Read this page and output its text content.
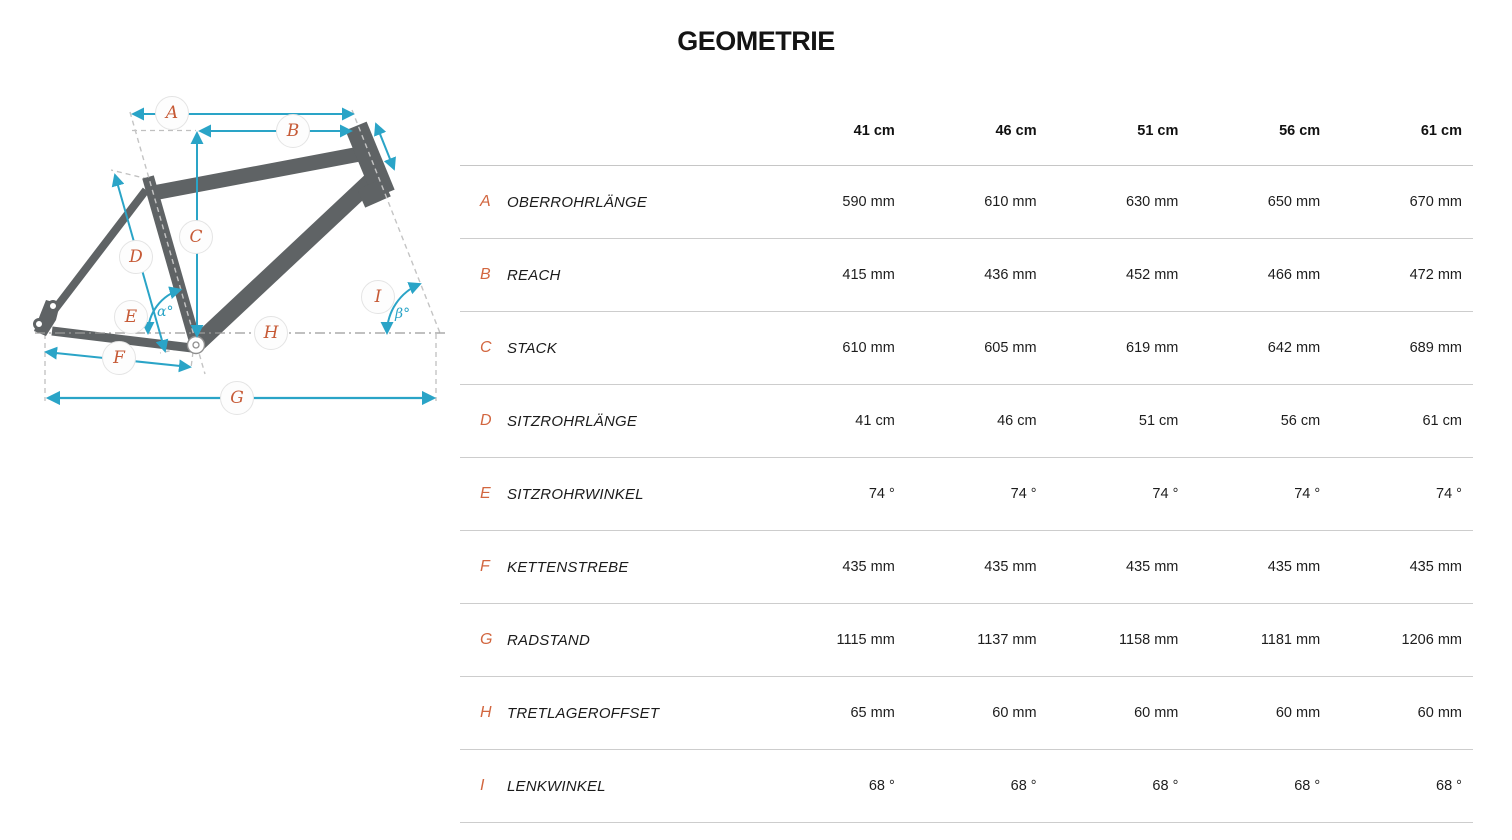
GEOMETRIE
A
B
C
D
E
F
G
H
I
α°	β°
41 cm	46 cm	51 cm	56 cm	61 cm
A	OBERROHRLÄNGE	590 mm	610 mm	630 mm	650 mm	670 mm
B	REACH	415 mm	436 mm	452 mm	466 mm	472 mm
C	STACK	610 mm	605 mm	619 mm	642 mm	689 mm
D	SITZROHRLÄNGE	41 cm	46 cm	51 cm	56 cm	61 cm
E	SITZROHRWINKEL	74 °	74 °	74 °	74 °	74 °
F	KETTENSTREBE	435 mm	435 mm	435 mm	435 mm	435 mm
G RADSTAND	1115 mm	1137 mm	1158 mm	1181 mm	1206 mm
H	TRETLAGEROFFSET	65 mm	60 mm	60 mm	60 mm	60 mm
I	LENKWINKEL	68 °	68 °	68 °	68 °	68 °
